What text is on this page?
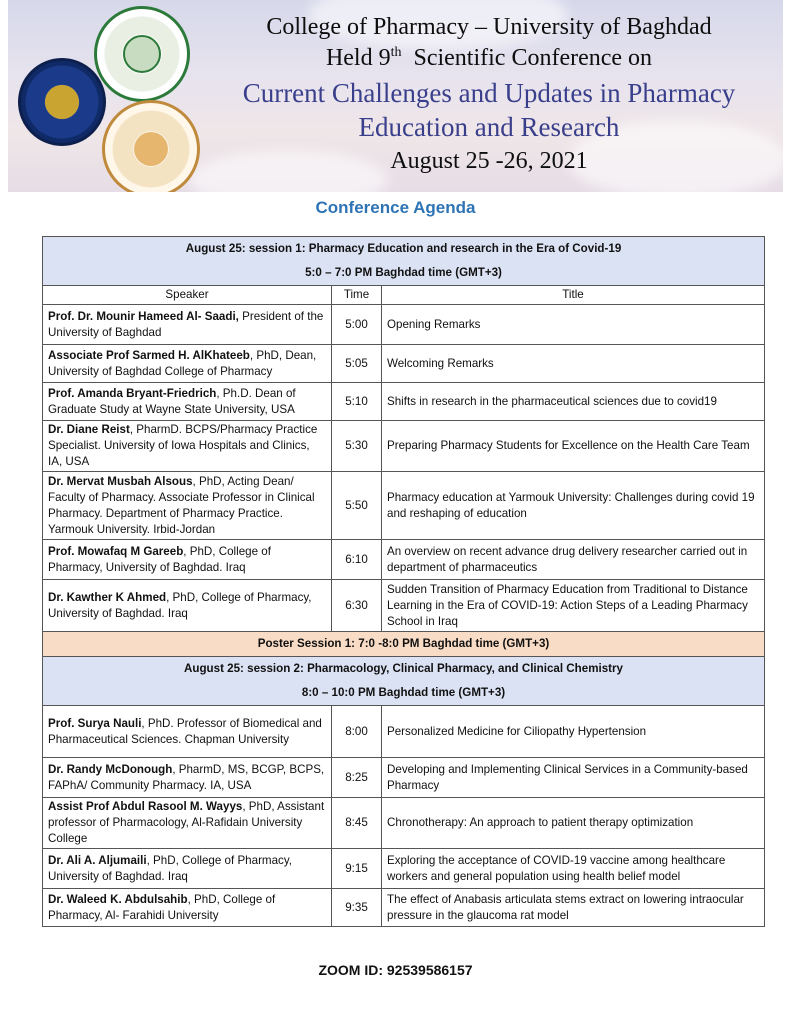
College of Pharmacy – University of Baghdad
Held 9th  Scientific Conference on
Current Challenges and Updates in Pharmacy
Education and Research
August 25 -26, 2021
Conference Agenda
August 25: session 1: Pharmacy Education and research in the Era of Covid-19		
5:0 – 7:0 PM Baghdad time (GMT+3)		
Speaker	Time	Title
Prof. Dr. Mounir Hameed Al- Saadi, President of the University of Baghdad	5:00	Opening Remarks
Associate Prof Sarmed H. AlKhateeb, PhD, Dean, University of Baghdad College of Pharmacy	5:05	Welcoming Remarks
Prof. Amanda Bryant-Friedrich, Ph.D. Dean of Graduate Study at Wayne State University, USA	5:10	Shifts in research in the pharmaceutical sciences due to covid19
Dr. Diane Reist, PharmD. BCPS/Pharmacy Practice Specialist. University of Iowa Hospitals and Clinics, IA, USA	5:30	Preparing Pharmacy Students for Excellence on the Health Care Team
Dr. Mervat Musbah Alsous, PhD, Acting Dean/ Faculty of Pharmacy. Associate Professor in Clinical Pharmacy. Department of Pharmacy Practice. Yarmouk University. Irbid-Jordan	5:50	Pharmacy education at Yarmouk University: Challenges during covid 19 and reshaping of education
Prof. Mowafaq M Gareeb, PhD, College of Pharmacy, University of Baghdad. Iraq	6:10	An overview on recent advance drug delivery researcher carried out in department of pharmaceutics
Dr. Kawther K Ahmed, PhD, College of Pharmacy, University of Baghdad. Iraq	6:30	Sudden Transition of Pharmacy Education from Traditional to Distance Learning in the Era of COVID-19: Action Steps of a Leading Pharmacy School in Iraq
Poster Session 1: 7:0 -8:0 PM Baghdad time (GMT+3)		
August 25: session 2: Pharmacology, Clinical Pharmacy, and Clinical Chemistry		
8:0 – 10:0 PM Baghdad time (GMT+3)		
Prof. Surya Nauli, PhD. Professor of Biomedical and Pharmaceutical Sciences. Chapman University	8:00	Personalized Medicine for Ciliopathy Hypertension
Dr. Randy McDonough, PharmD, MS, BCGP, BCPS, FAPhA/ Community Pharmacy. IA, USA	8:25	Developing and Implementing Clinical Services in a Community-based Pharmacy
Assist Prof Abdul Rasool M. Wayys, PhD, Assistant professor of Pharmacology, Al-Rafidain University College	8:45	Chronotherapy: An approach to patient therapy optimization
Dr. Ali A. Aljumaili, PhD, College of Pharmacy, University of Baghdad. Iraq	9:15	Exploring the acceptance of COVID-19 vaccine among healthcare workers and general population using health belief model
Dr. Waleed K. Abdulsahib, PhD, College of Pharmacy, Al- Farahidi University	9:35	The effect of Anabasis articulata stems extract on lowering intraocular pressure in the glaucoma rat model
ZOOM ID: 92539586157
